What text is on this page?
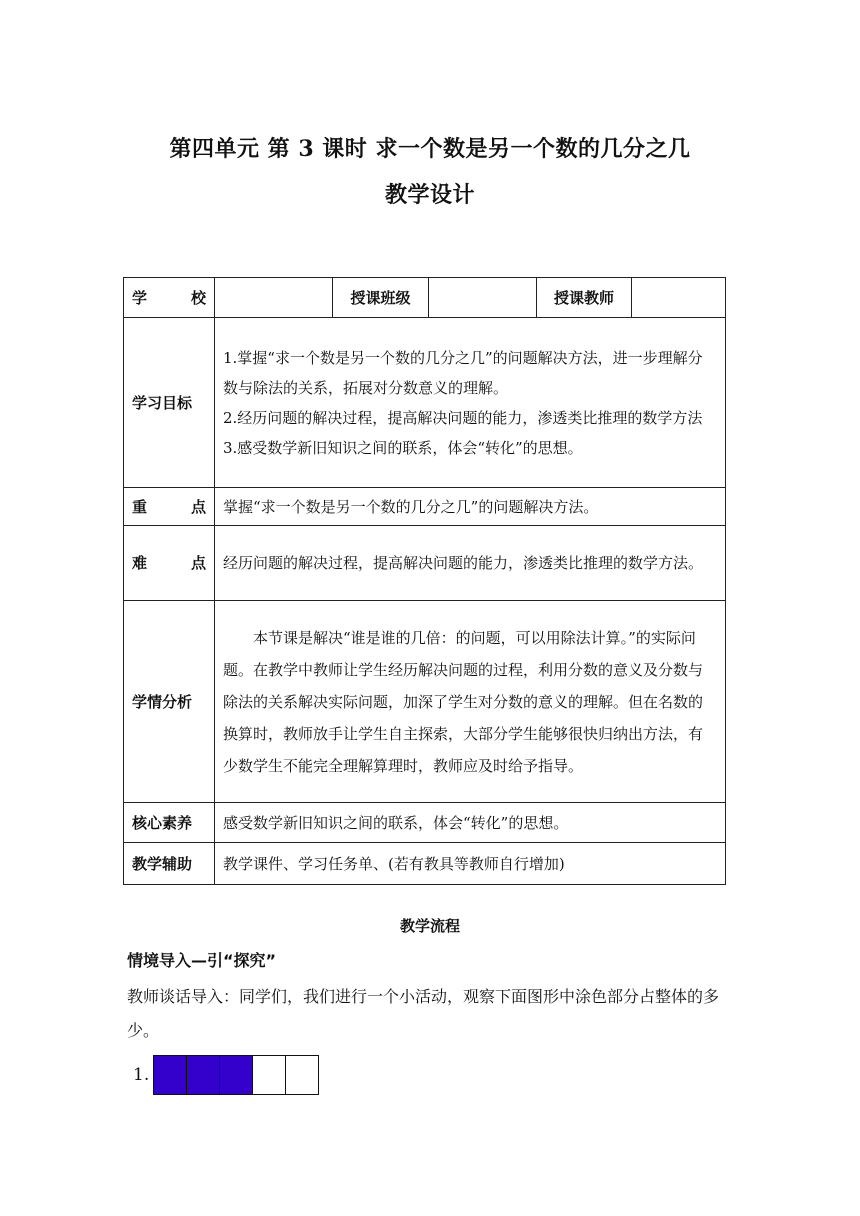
第四单元 第 3 课时 求一个数是另一个数的几分之几
教学设计
学 校		授课班级		授课教师	
学习目标	1.掌握“求一个数是另一个数的几分之几”的问题解决方法，进一步理解分数与除法的关系，拓展对分数意义的理解。
2.经历问题的解决过程，提高解决问题的能力，渗透类比推理的数学方法
3.感受数学新旧知识之间的联系，体会“转化”的思想。				

重 点	掌握“求一个数是另一个数的几分之几”的问题解决方法。				

难 点	经历问题的解决过程，提高解决问题的能力，渗透类比推理的数学方法。				
学情分析	本节课是解决“谁是谁的几倍：的问题，可以用除法计算。”的实际问题。在教学中教师让学生经历解决问题的过程，利用分数的意义及分数与除法的关系解决实际问题，加深了学生对分数的意义的理解。但在名数的换算时，教师放手让学生自主探索，大部分学生能够很快归纳出方法，有少数学生不能完全理解算理时，教师应及时给予指导。				
核心素养	感受数学新旧知识之间的联系，体会“转化”的思想。				
教学辅助	教学课件、学习任务单、(若有教具等教师自行增加)				
教学流程
情境导入—引“探究”
教师谈话导入：同学们，我们进行一个小活动，观察下面图形中涂色部分占整体的多少。
1.
